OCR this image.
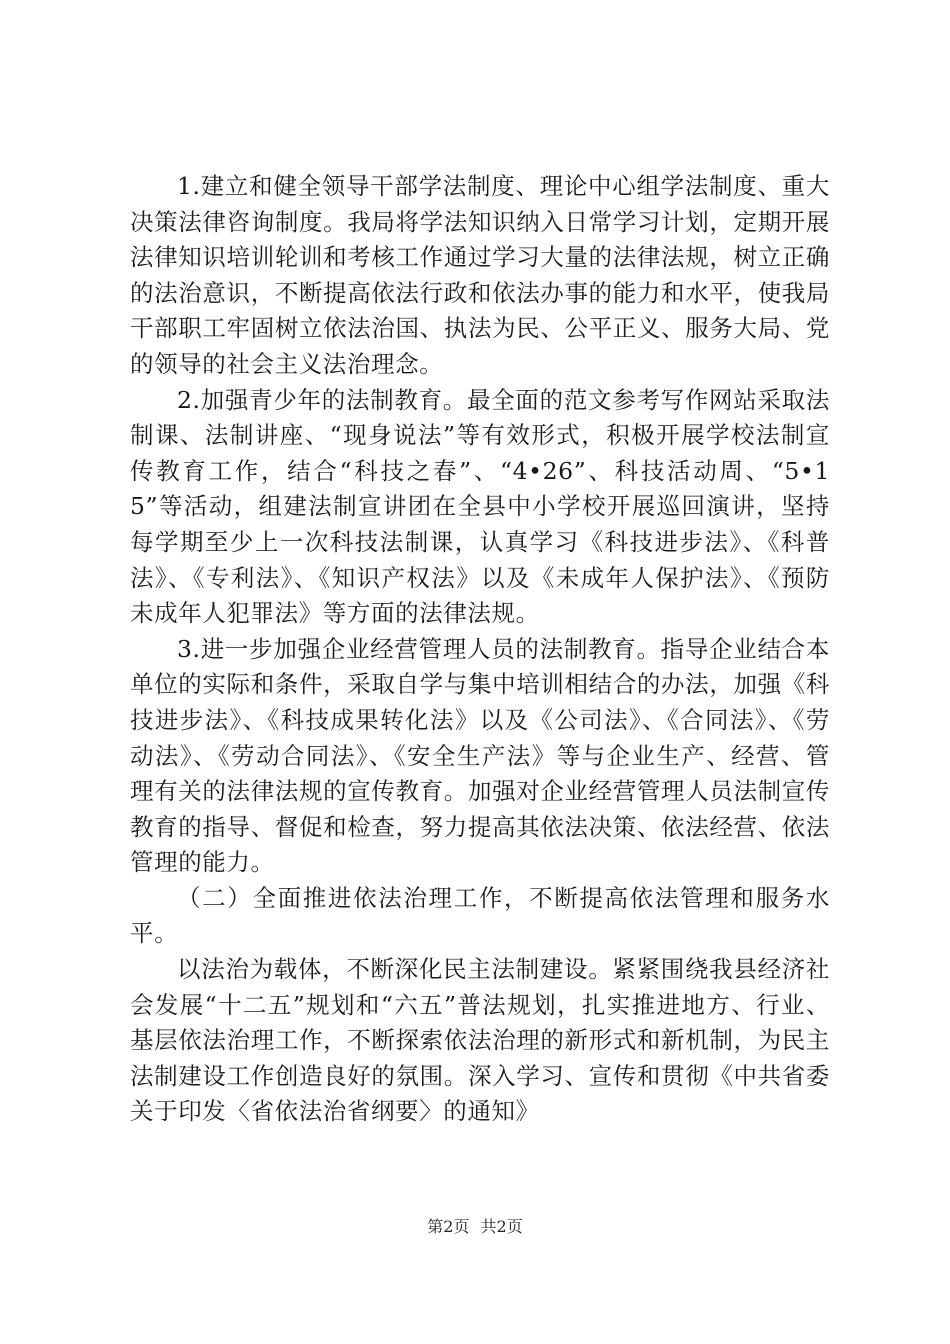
1.建立和健全领导干部学法制度、理论中心组学法制度、重大决策法律咨询制度。我局将学法知识纳入日常学习计划，定期开展法律知识培训轮训和考核工作通过学习大量的法律法规，树立正确的法治意识，不断提高依法行政和依法办事的能力和水平，使我局干部职工牢固树立依法治国、执法为民、公平正义、服务大局、党的领导的社会主义法治理念。

2.加强青少年的法制教育。最全面的范文参考写作网站采取法制课、法制讲座、“现身说法”等有效形式，积极开展学校法制宣传教育工作，结合“科技之春”、“4•26”、科技活动周、“5•15”等活动，组建法制宣讲团在全县中小学校开展巡回演讲，坚持每学期至少上一次科技法制课，认真学习《科技进步法》、《科普法》、《专利法》、《知识产权法》以及《未成年人保护法》、《预防未成年人犯罪法》等方面的法律法规。

3.进一步加强企业经营管理人员的法制教育。指导企业结合本单位的实际和条件，采取自学与集中培训相结合的办法，加强《科技进步法》、《科技成果转化法》以及《公司法》、《合同法》、《劳动法》、《劳动合同法》、《安全生产法》等与企业生产、经营、管理有关的法律法规的宣传教育。加强对企业经营管理人员法制宣传教育的指导、督促和检查，努力提高其依法决策、依法经营、依法管理的能力。

（二）全面推进依法治理工作，不断提高依法管理和服务水平。

以法治为载体，不断深化民主法制建设。紧紧围绕我县经济社会发展“十二五”规划和“六五”普法规划，扎实推进地方、行业、基层依法治理工作，不断探索依法治理的新形式和新机制，为民主法制建设工作创造良好的氛围。深入学习、宣传和贯彻《中共省委关于印发〈省依法治省纲要〉的通知》

第2页 共2页
